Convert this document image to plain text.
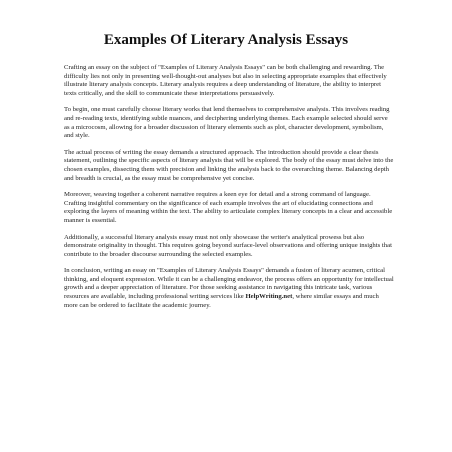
Examples Of Literary Analysis Essays

Crafting an essay on the subject of "Examples of Literary Analysis Essays" can be both challenging and rewarding. The difficulty lies not only in presenting well-thought-out analyses but also in selecting appropriate examples that effectively illustrate literary analysis concepts. Literary analysis requires a deep understanding of literature, the ability to interpret texts critically, and the skill to communicate these interpretations persuasively.

To begin, one must carefully choose literary works that lend themselves to comprehensive analysis. This involves reading and re-reading texts, identifying subtle nuances, and deciphering underlying themes. Each example selected should serve as a microcosm, allowing for a broader discussion of literary elements such as plot, character development, symbolism, and style.

The actual process of writing the essay demands a structured approach. The introduction should provide a clear thesis statement, outlining the specific aspects of literary analysis that will be explored. The body of the essay must delve into the chosen examples, dissecting them with precision and linking the analysis back to the overarching theme. Balancing depth and breadth is crucial, as the essay must be comprehensive yet concise.

Moreover, weaving together a coherent narrative requires a keen eye for detail and a strong command of language. Crafting insightful commentary on the significance of each example involves the art of elucidating connections and exploring the layers of meaning within the text. The ability to articulate complex literary concepts in a clear and accessible manner is essential.

Additionally, a successful literary analysis essay must not only showcase the writer's analytical prowess but also demonstrate originality in thought. This requires going beyond surface-level observations and offering unique insights that contribute to the broader discourse surrounding the selected examples.

In conclusion, writing an essay on "Examples of Literary Analysis Essays" demands a fusion of literary acumen, critical thinking, and eloquent expression. While it can be a challenging endeavor, the process offers an opportunity for intellectual growth and a deeper appreciation of literature. For those seeking assistance in navigating this intricate task, various resources are available, including professional writing services like HelpWriting.net, where similar essays and much more can be ordered to facilitate the academic journey.
